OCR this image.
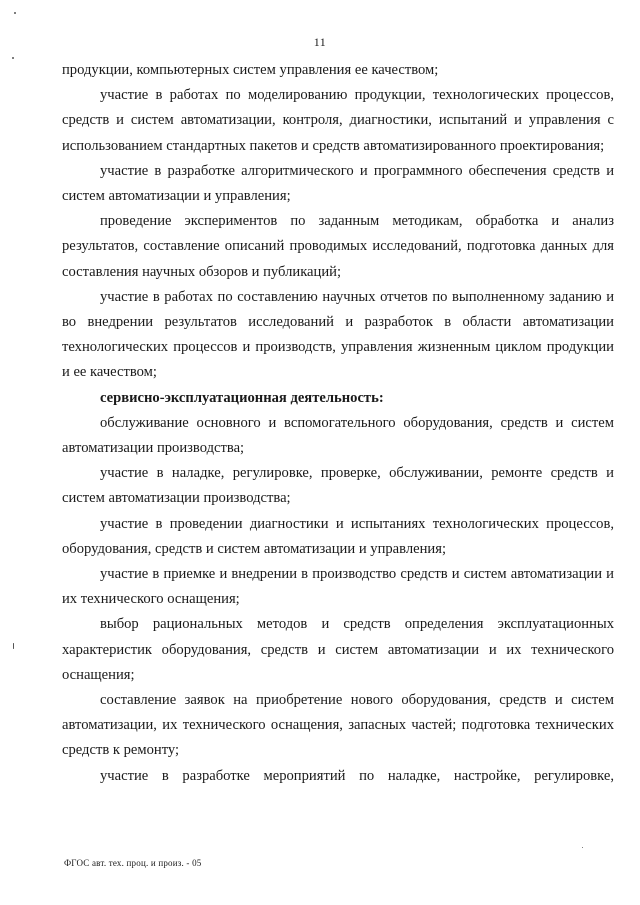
11

продукции, компьютерных систем управления ее качеством;

участие в работах по моделированию продукции, технологических процессов, средств и систем автоматизации, контроля, диагностики, испытаний и управления с использованием стандартных пакетов и средств автоматизированного проектирования;

участие в разработке алгоритмического и программного обеспечения средств и систем автоматизации и управления;

проведение экспериментов по заданным методикам, обработка и анализ результатов, составление описаний проводимых исследований, подготовка данных для составления научных обзоров и публикаций;

участие в работах по составлению научных отчетов по выполненному заданию и во внедрении результатов исследований и разработок в области автоматизации технологических процессов и производств, управления жизненным циклом продукции и ее качеством;

сервисно-эксплуатационная деятельность:

обслуживание основного и вспомогательного оборудования, средств и систем автоматизации производства;

участие в наладке, регулировке, проверке, обслуживании, ремонте средств и систем автоматизации производства;

участие в проведении диагностики и испытаниях технологических процессов, оборудования, средств и систем автоматизации и управления;

участие в приемке и внедрении в производство средств и систем автоматизации и их технического оснащения;

выбор рациональных методов и средств определения эксплуатационных характеристик оборудования, средств и систем автоматизации и их технического оснащения;

составление заявок на приобретение нового оборудования, средств и систем автоматизации, их технического оснащения, запасных частей; подготовка технических средств к ремонту;

участие в разработке мероприятий по наладке, настройке, регулировке,

ФГОС авт. тех. проц. и произ. - 05
